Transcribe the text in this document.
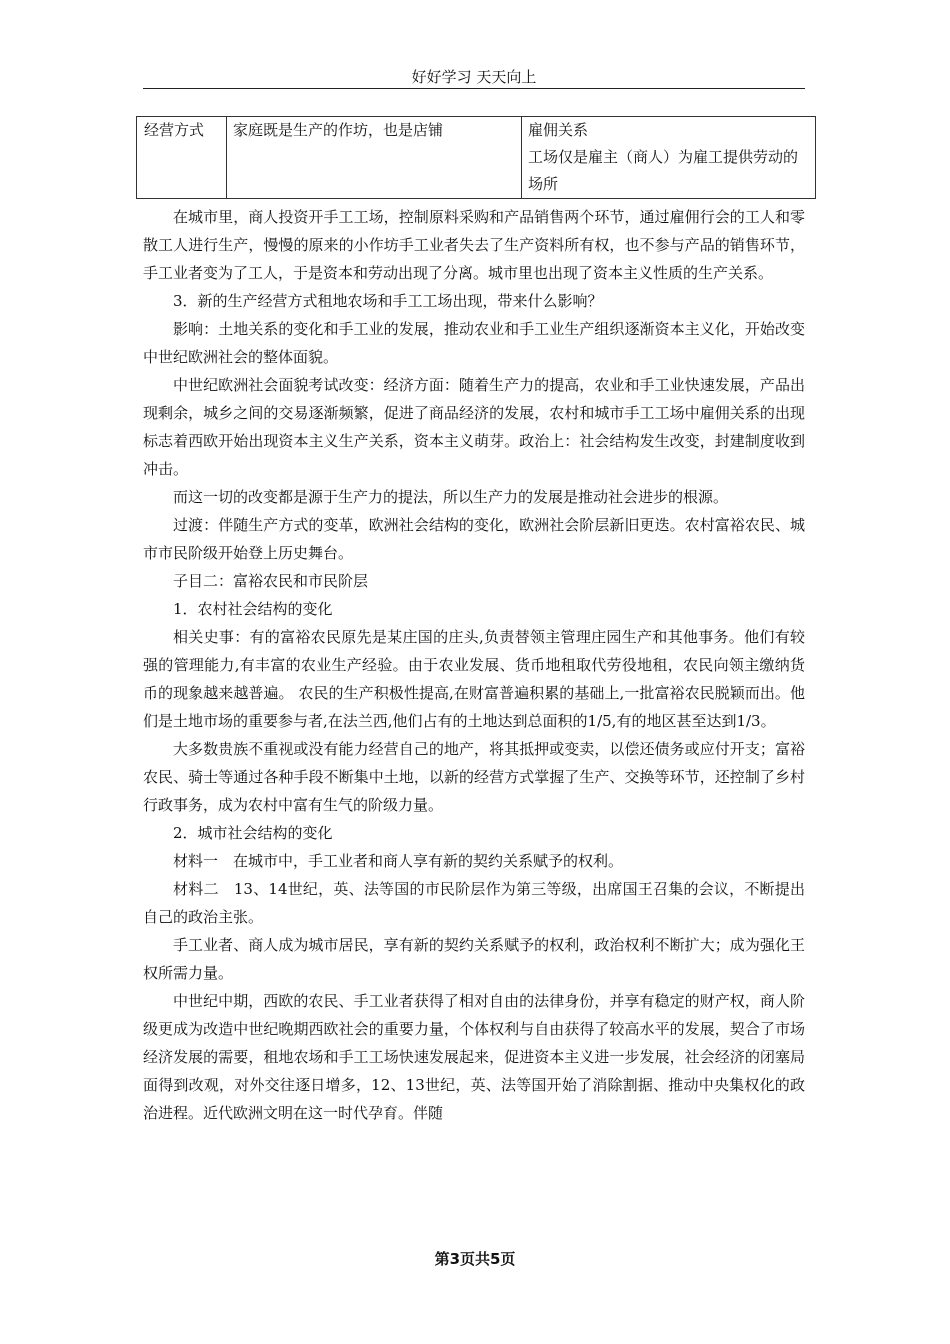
好好学习 天天向上
经营方式	家庭既是生产的作坊，也是店铺	雇佣关系
工场仅是雇主（商人）为雇工提供劳动的场所

在城市里，商人投资开手工工场，控制原料采购和产品销售两个环节，通过雇佣行会的工人和零散工人进行生产，慢慢的原来的小作坊手工业者失去了生产资料所有权，也不参与产品的销售环节，手工业者变为了工人，于是资本和劳动出现了分离。城市里也出现了资本主义性质的生产关系。

3．新的生产经营方式租地农场和手工工场出现，带来什么影响？

影响：土地关系的变化和手工业的发展，推动农业和手工业生产组织逐渐资本主义化，开始改变中世纪欧洲社会的整体面貌。

中世纪欧洲社会面貌考试改变：经济方面：随着生产力的提高，农业和手工业快速发展，产品出现剩余，城乡之间的交易逐渐频繁，促进了商品经济的发展，农村和城市手工工场中雇佣关系的出现标志着西欧开始出现资本主义生产关系，资本主义萌芽。政治上：社会结构发生改变，封建制度收到冲击。

而这一切的改变都是源于生产力的提法，所以生产力的发展是推动社会进步的根源。

过渡：伴随生产方式的变革，欧洲社会结构的变化，欧洲社会阶层新旧更迭。农村富裕农民、城市市民阶级开始登上历史舞台。

子目二：富裕农民和市民阶层

1．农村社会结构的变化

相关史事：有的富裕农民原先是某庄国的庄头,负责替领主管理庄园生产和其他事务。他们有较强的管理能力,有丰富的农业生产经验。由于农业发展、货币地租取代劳役地租，农民向领主缴纳货币的现象越来越普遍。 农民的生产积极性提高,在财富普遍积累的基础上,一批富裕农民脱颖而出。他们是土地市场的重要参与者,在法兰西,他们占有的土地达到总面积的1/5,有的地区甚至达到1/3。

大多数贵族不重视或没有能力经营自己的地产，将其抵押或变卖，以偿还债务或应付开支；富裕农民、骑士等通过各种手段不断集中土地，以新的经营方式掌握了生产、交换等环节，还控制了乡村行政事务，成为农村中富有生气的阶级力量。

2．城市社会结构的变化

材料一　在城市中，手工业者和商人享有新的契约关系赋予的权利。

材料二　13、14世纪，英、法等国的市民阶层作为第三等级，出席国王召集的会议，不断提出自己的政治主张。

手工业者、商人成为城市居民，享有新的契约关系赋予的权利，政治权利不断扩大；成为强化王权所需力量。

中世纪中期，西欧的农民、手工业者获得了相对自由的法律身份，并享有稳定的财产权，商人阶级更成为改造中世纪晚期西欧社会的重要力量，个体权利与自由获得了较高水平的发展，契合了市场经济发展的需要，租地农场和手工工场快速发展起来，促进资本主义进一步发展，社会经济的闭塞局面得到改观，对外交往逐日增多，12、13世纪，英、法等国开始了消除割据、推动中央集权化的政治进程。近代欧洲文明在这一时代孕育。伴随

第3页共5页
